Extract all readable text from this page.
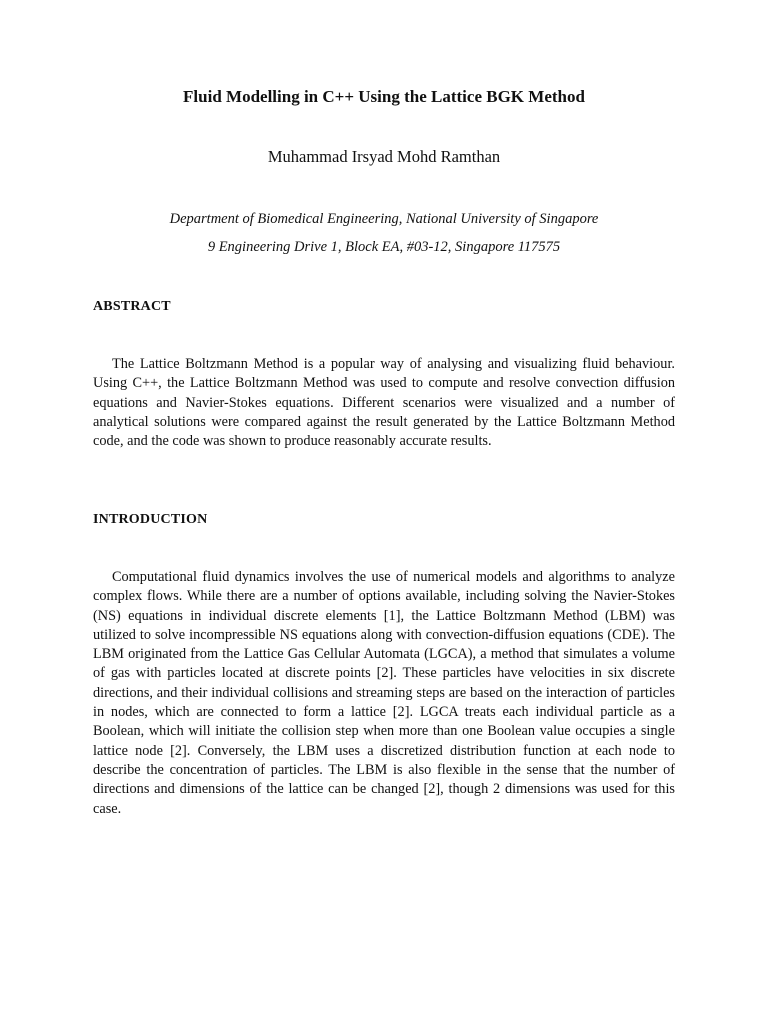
Fluid Modelling in C++ Using the Lattice BGK Method
Muhammad Irsyad Mohd Ramthan
Department of Biomedical Engineering, National University of Singapore
9 Engineering Drive 1, Block EA, #03-12, Singapore 117575
ABSTRACT

The Lattice Boltzmann Method is a popular way of analysing and visualizing fluid behaviour. Using C++, the Lattice Boltzmann Method was used to compute and resolve convection diffusion equations and Navier-Stokes equations. Different scenarios were visualized and a number of analytical solutions were compared against the result generated by the Lattice Boltzmann Method code, and the code was shown to produce reasonably accurate results.

INTRODUCTION

Computational fluid dynamics involves the use of numerical models and algorithms to analyze complex flows. While there are a number of options available, including solving the Navier-Stokes (NS) equations in individual discrete elements [1], the Lattice Boltzmann Method (LBM) was utilized to solve incompressible NS equations along with convection-diffusion equations (CDE). The LBM originated from the Lattice Gas Cellular Automata (LGCA), a method that simulates a volume of gas with particles located at discrete points [2]. These particles have velocities in six discrete directions, and their individual collisions and streaming steps are based on the interaction of particles in nodes, which are connected to form a lattice [2]. LGCA treats each individual particle as a Boolean, which will initiate the collision step when more than one Boolean value occupies a single lattice node [2]. Conversely, the LBM uses a discretized distribution function at each node to describe the concentration of particles. The LBM is also flexible in the sense that the number of directions and dimensions of the lattice can be changed [2], though 2 dimensions was used for this case.
